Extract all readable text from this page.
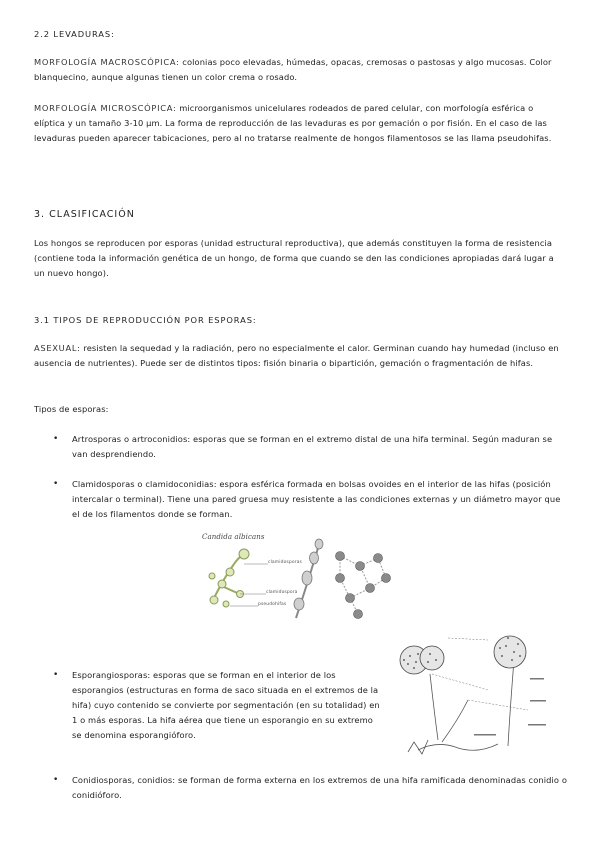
2.2 LEVADURAS:

MORFOLOGÍA MACROSCÓPICA: colonias poco elevadas, húmedas, opacas, cremosas o pastosas y algo mucosas. Color blanquecino, aunque algunas tienen un color crema o rosado.

MORFOLOGÍA MICROSCÓPICA: microorganismos unicelulares rodeados de pared celular, con morfología esférica o elíptica y un tamaño 3-10 µm. La forma de reproducción de las levaduras es por gemación o por fisión. En el caso de las levaduras pueden aparecer tabicaciones, pero al no tratarse realmente de hongos filamentosos se las llama pseudohifas.

3. CLASIFICACIÓN

Los hongos se reproducen por esporas (unidad estructural reproductiva), que además constituyen la forma de resistencia (contiene toda la información genética de un hongo, de forma que cuando se den las condiciones apropiadas dará lugar a un nuevo hongo).

3.1 TIPOS DE REPRODUCCIÓN POR ESPORAS:

ASEXUAL: resisten la sequedad y la radiación, pero no especialmente el calor. Germinan cuando hay humedad (incluso en ausencia de nutrientes). Puede ser de distintos tipos: fisión binaria o bipartición, gemación o fragmentación de hifas.

Tipos de esporas:
• Artrosporas o artroconidios: esporas que se forman en el extremo distal de una hifa terminal. Según maduran se van desprendiendo.

• Clamidosporas o clamidoconidias: espora esférica formada en bolsas ovoides en el interior de las hifas (posición intercalar o terminal). Tiene una pared gruesa muy resistente a las condiciones externas y un diámetro mayor que el de los filamentos donde se forman.

Candida albicans
clamidosporas
clamidospora
pseudohifas
• Esporangiosporas: esporas que se forman en el interior de los esporangios (estructuras en forma de saco situada en el extremos de la hifa) cuyo contenido se convierte por segmentación (en su totalidad) en 1 o más esporas. La hifa aérea que tiene un esporangio en su extremo se denomina esporangióforo.

• Conidiosporas, conidios: se forman de forma externa en los extremos de una hifa ramificada denominadas conidio o conidióforo.
